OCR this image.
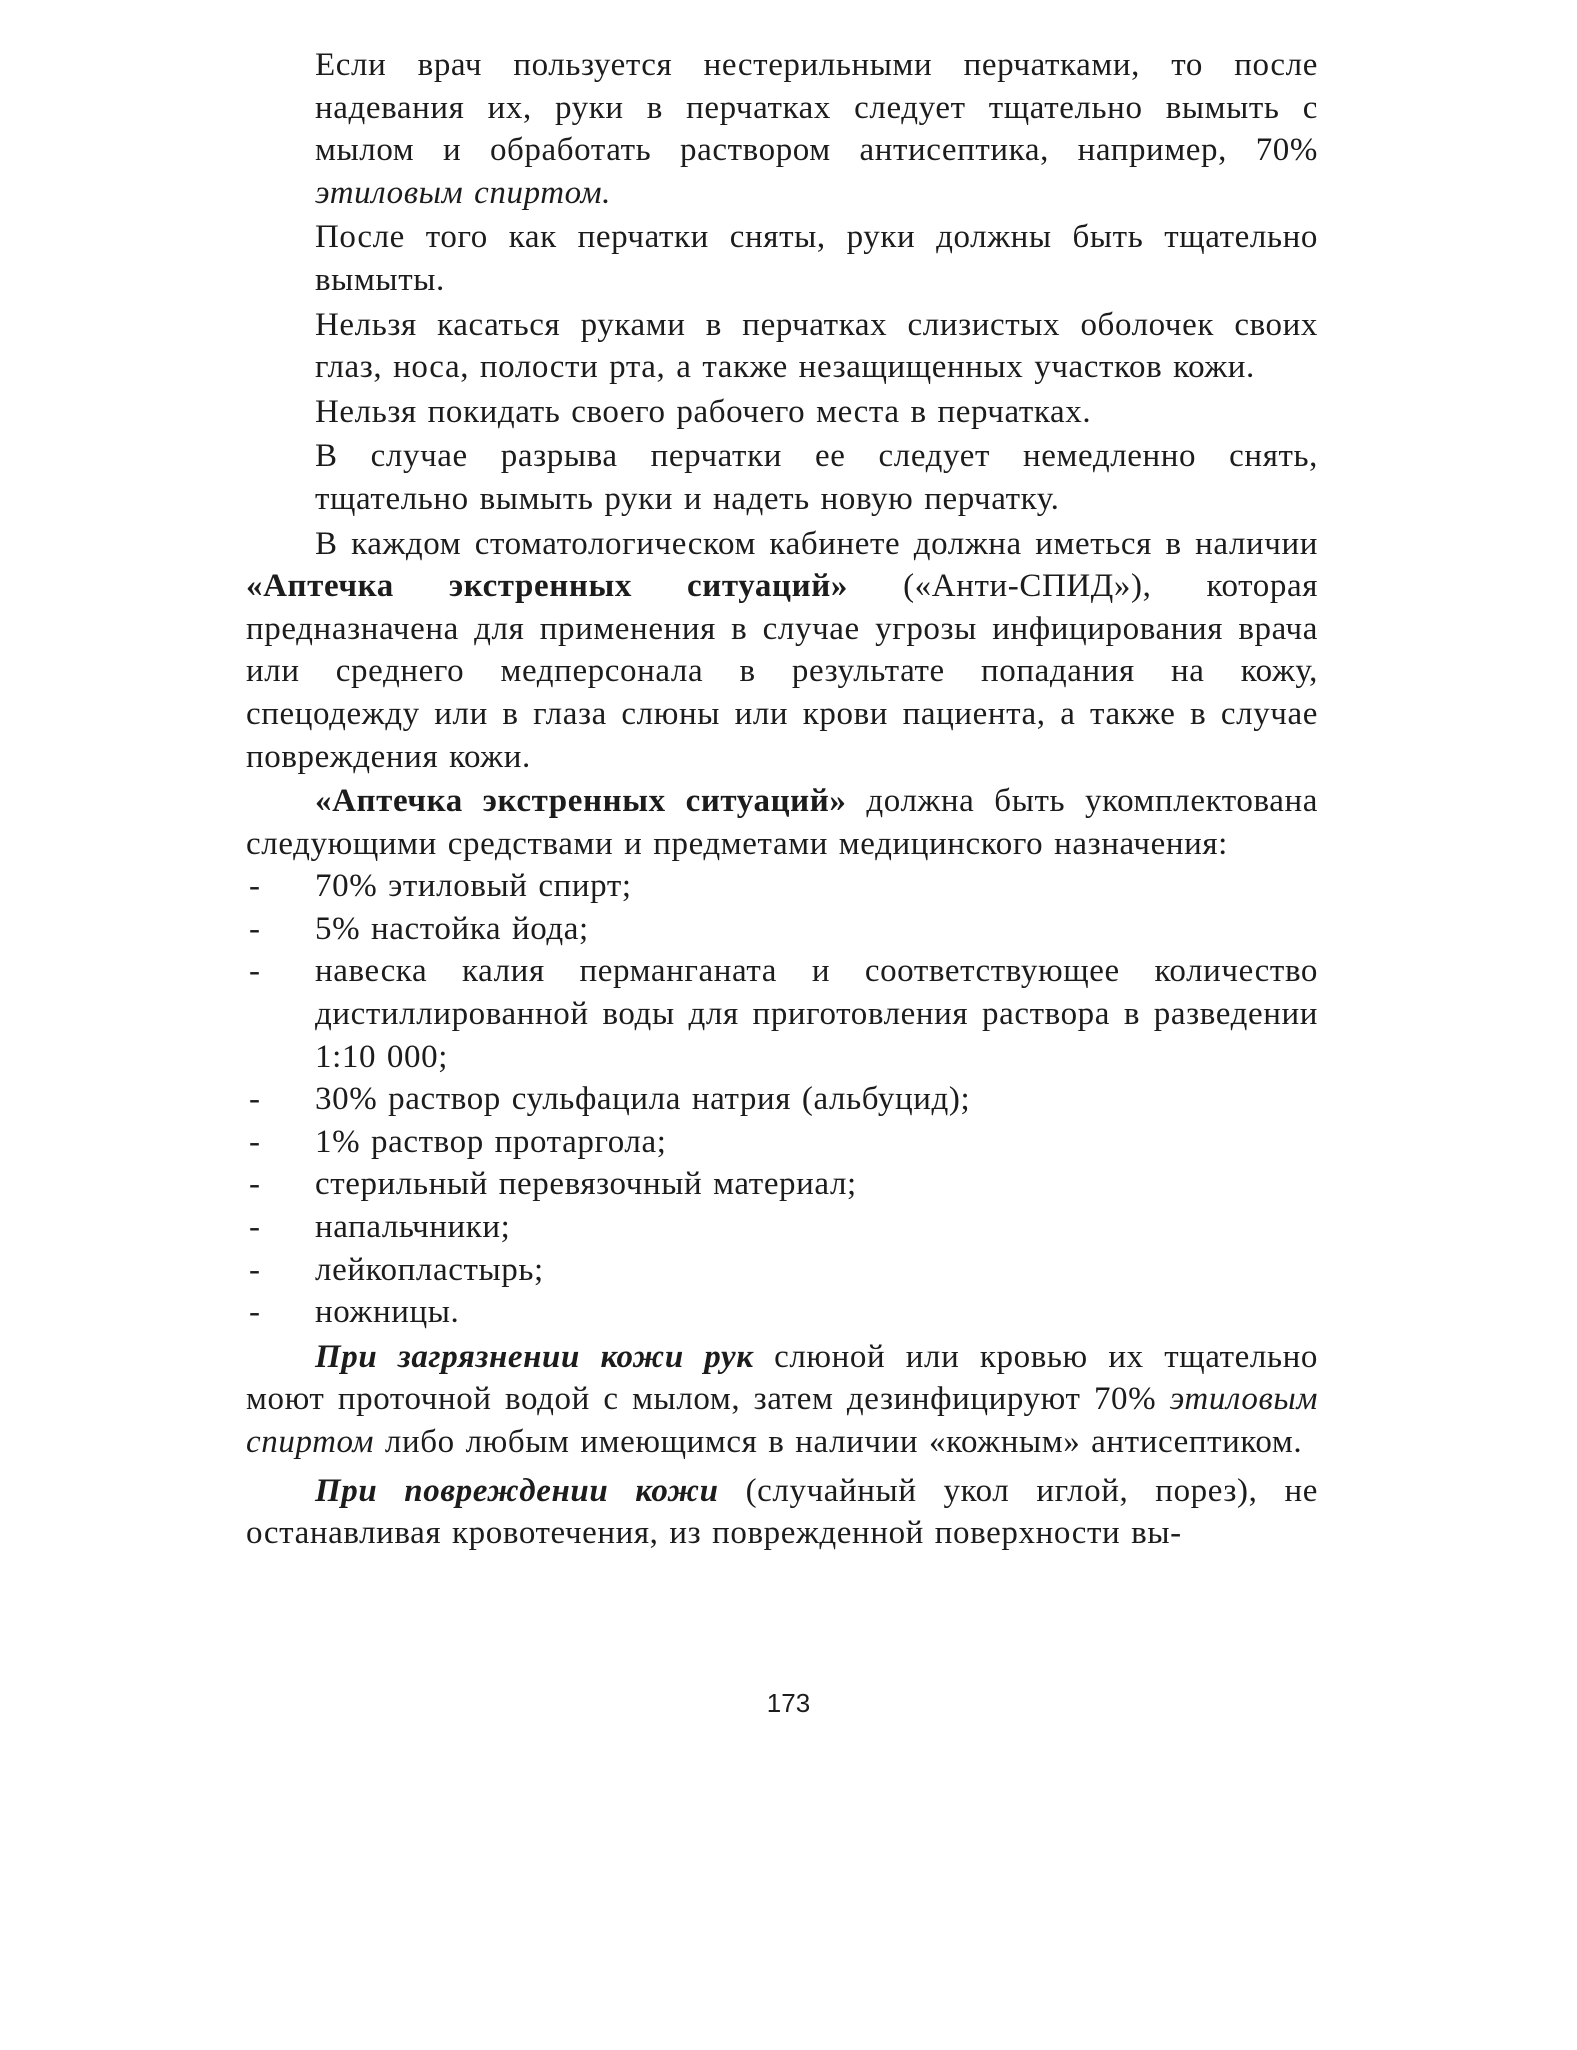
Если врач пользуется нестерильными перчатками, то после надевания их, руки в перчатках следует тщательно вымыть с мылом и обработать раствором антисептика, например, 70% этиловым спиртом.

После того как перчатки сняты, руки должны быть тщательно вымыты.

Нельзя касаться руками в перчатках слизистых оболочек своих глаз, носа, полости рта, а также незащищенных участков кожи.

Нельзя покидать своего рабочего места в перчатках.

В случае разрыва перчатки ее следует немедленно снять, тщательно вымыть руки и надеть новую перчатку.

В каждом стоматологическом кабинете должна иметься в наличии «Аптечка экстренных ситуаций» («Анти-СПИД»), которая предназначена для применения в случае угрозы инфицирования врача или среднего медперсонала в результате попадания на кожу, спецодежду или в глаза слюны или крови пациента, а также в случае повреждения кожи.

«Аптечка экстренных ситуаций» должна быть укомплектована следующими средствами и предметами медицинского назначения:

- 70% этиловый спирт;
- 5% настойка йода;
- навеска калия перманганата и соответствующее количество дистиллированной воды для приготовления раствора в разведении 1:10 000;
- 30% раствор сульфацила натрия (альбуцид);
- 1% раствор протаргола;
- стерильный перевязочный материал;
- напальчники;
- лейкопластырь;
- ножницы.

При загрязнении кожи рук слюной или кровью их тщательно моют проточной водой с мылом, затем дезинфицируют 70% этиловым спиртом либо любым имеющимся в наличии «кожным» антисептиком.

При повреждении кожи (случайный укол иглой, порез), не останавливая кровотечения, из поврежденной поверхности вы-

173
